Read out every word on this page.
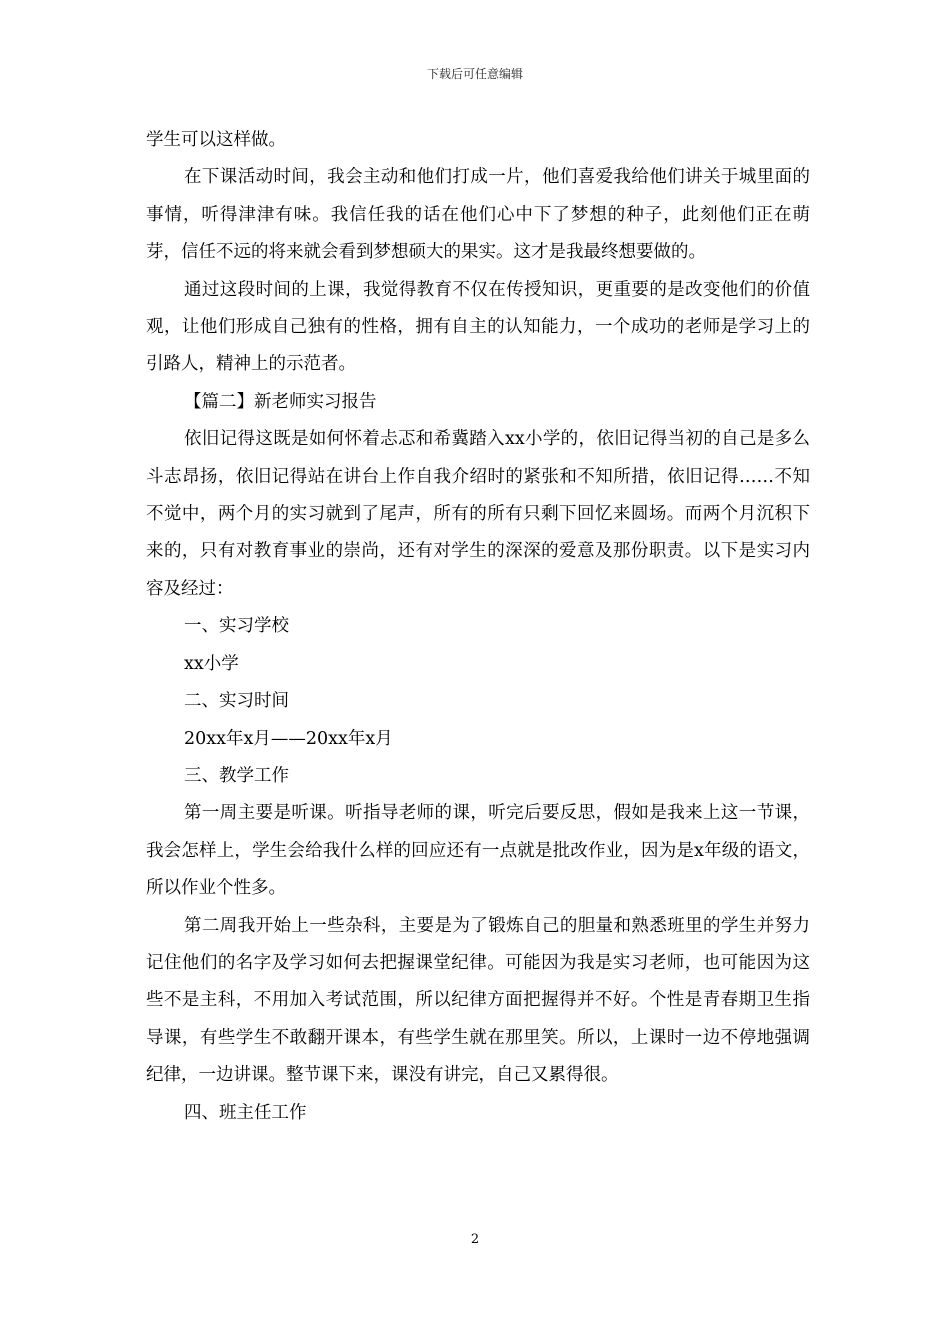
下载后可任意编辑

学生可以这样做。

在下课活动时间，我会主动和他们打成一片，他们喜爱我给他们讲关于城里面的事情，听得津津有味。我信任我的话在他们心中下了梦想的种子，此刻他们正在萌芽，信任不远的将来就会看到梦想硕大的果实。这才是我最终想要做的。

通过这段时间的上课，我觉得教育不仅在传授知识，更重要的是改变他们的价值观，让他们形成自己独有的性格，拥有自主的认知能力，一个成功的老师是学习上的引路人，精神上的示范者。

【篇二】新老师实习报告

依旧记得这既是如何怀着忐忑和希冀踏入xx小学的，依旧记得当初的自己是多么斗志昂扬，依旧记得站在讲台上作自我介绍时的紧张和不知所措，依旧记得……不知不觉中，两个月的实习就到了尾声，所有的所有只剩下回忆来圆场。而两个月沉积下来的，只有对教育事业的崇尚，还有对学生的深深的爱意及那份职责。以下是实习内容及经过：

一、实习学校

xx小学

二、实习时间

20xx年x月——20xx年x月

三、教学工作

第一周主要是听课。听指导老师的课，听完后要反思，假如是我来上这一节课，我会怎样上，学生会给我什么样的回应还有一点就是批改作业，因为是x年级的语文，所以作业个性多。

第二周我开始上一些杂科，主要是为了锻炼自己的胆量和熟悉班里的学生并努力记住他们的名字及学习如何去把握课堂纪律。可能因为我是实习老师，也可能因为这些不是主科，不用加入考试范围，所以纪律方面把握得并不好。个性是青春期卫生指导课，有些学生不敢翻开课本，有些学生就在那里笑。所以，上课时一边不停地强调纪律，一边讲课。整节课下来，课没有讲完，自己又累得很。

四、班主任工作

2
